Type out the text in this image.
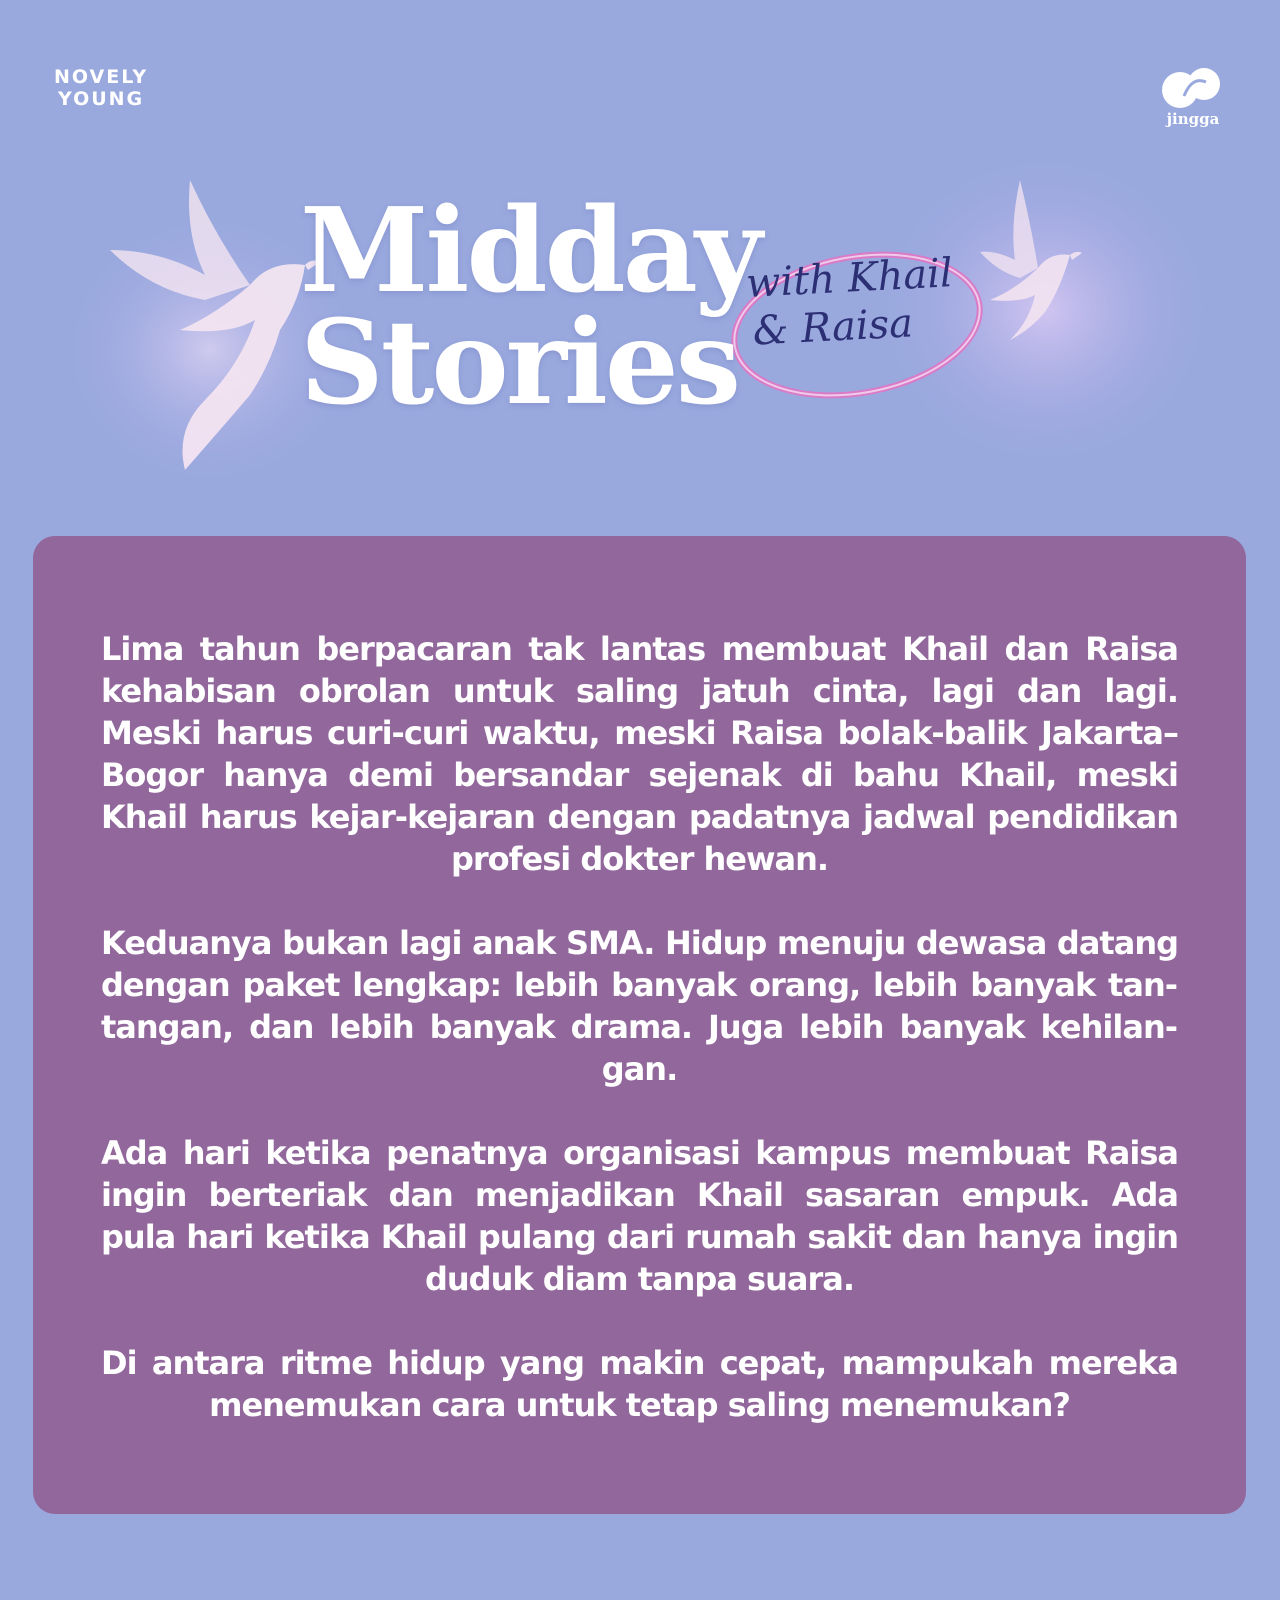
NOVELY
YOUNG
jingga
Midday
Stories
with Khail
& Raisa

Lima tahun berpacaran tak lantas membuat Khail dan Raisa kehabisan obrolan untuk saling jatuh cinta, lagi dan lagi. Meski harus curi-curi waktu, meski Raisa bolak-balik Jakarta–Bogor hanya demi bersandar sejenak di bahu Khail, meski Khail harus kejar-kejaran dengan padatnya jadwal pendidikan profesi dokter hewan.

Keduanya bukan lagi anak SMA. Hidup menuju dewasa datang dengan paket lengkap: lebih banyak orang, lebih banyak tantangan, dan lebih banyak drama. Juga lebih banyak kehilangan.

Ada hari ketika penatnya organisasi kampus membuat Raisa ingin berteriak dan menjadikan Khail sasaran empuk. Ada pula hari ketika Khail pulang dari rumah sakit dan hanya ingin duduk diam tanpa suara.

Di antara ritme hidup yang makin cepat, mampukah mereka menemukan cara untuk tetap saling menemukan?
